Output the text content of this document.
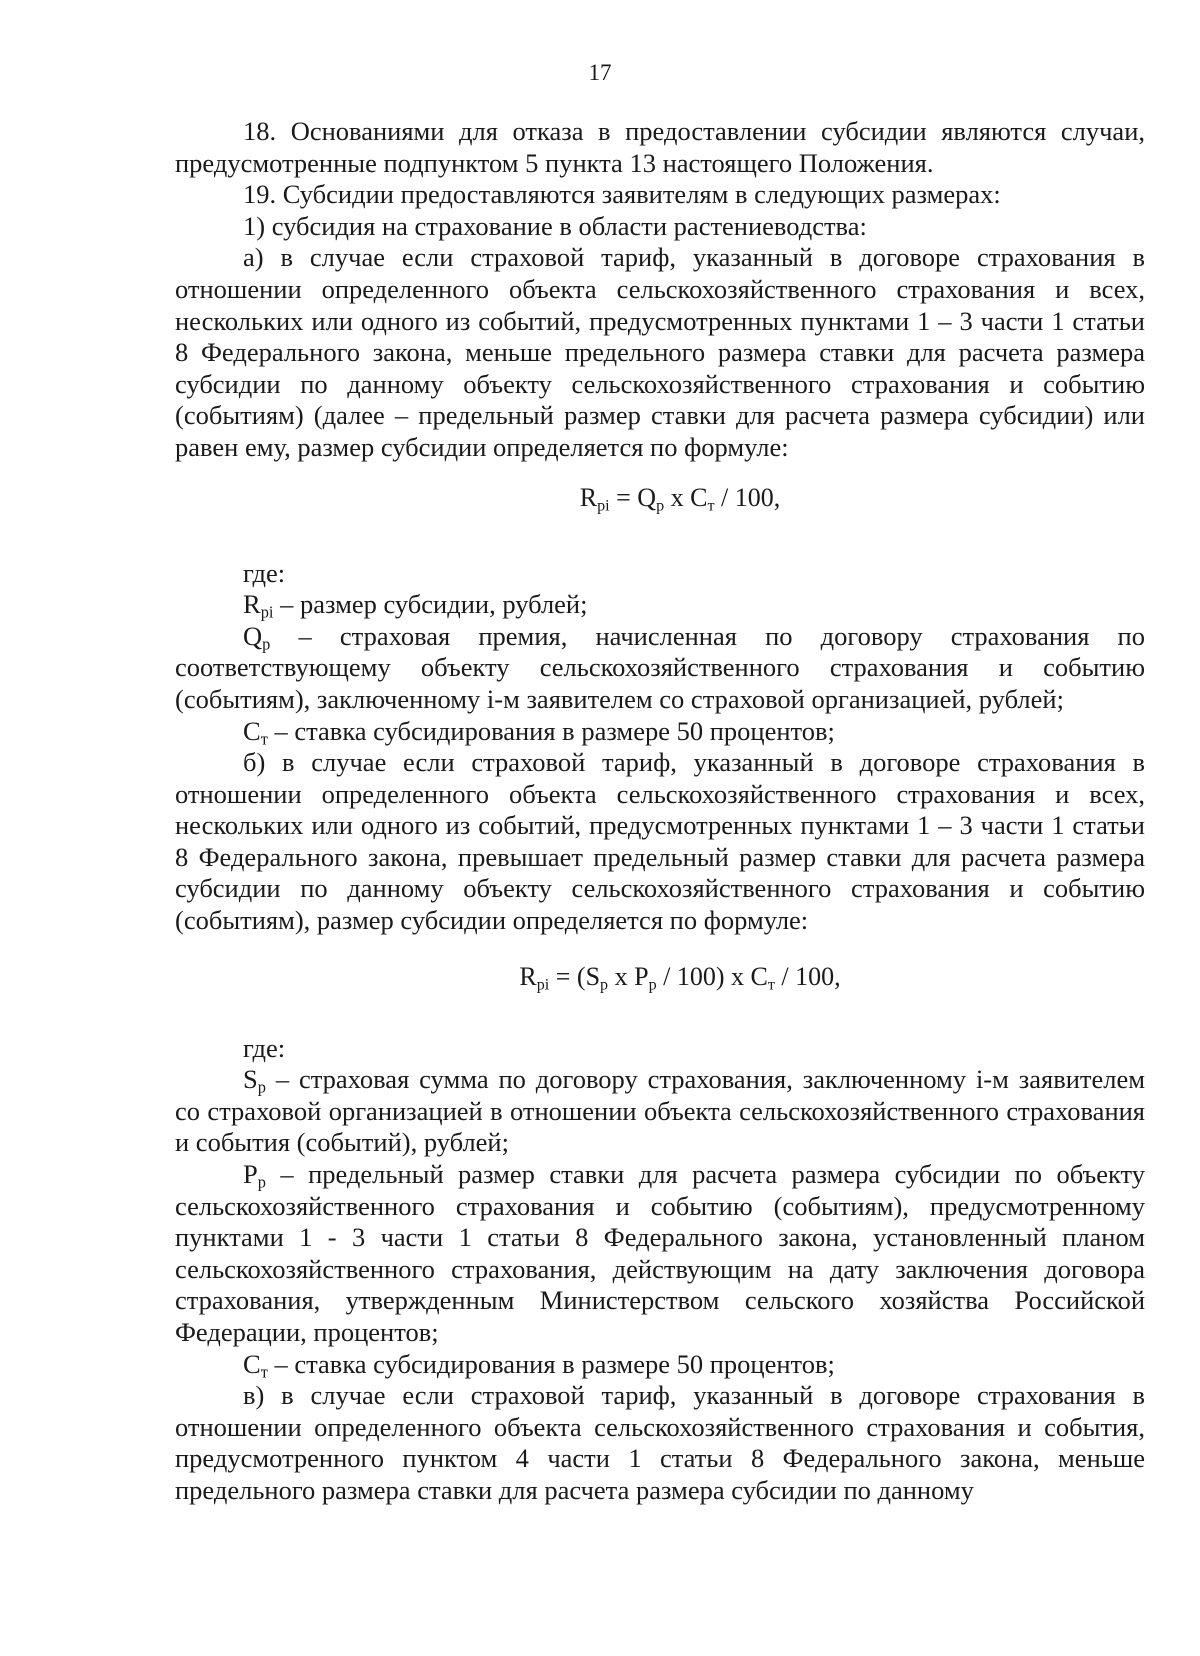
17

18. Основаниями для отказа в предоставлении субсидии являются случаи, предусмотренные подпунктом 5 пункта 13 настоящего Положения.

19. Субсидии предоставляются заявителям в следующих размерах:

1) субсидия на страхование в области растениеводства:

а) в случае если страховой тариф, указанный в договоре страхования в отношении определенного объекта сельскохозяйственного страхования и всех, нескольких или одного из событий, предусмотренных пунктами 1 – 3 части 1 статьи 8 Федерального закона, меньше предельного размера ставки для расчета размера субсидии по данному объекту сельскохозяйственного страхования и событию (событиям) (далее – предельный размер ставки для расчета размера субсидии) или равен ему, размер субсидии определяется по формуле:

$R_{pi} = Q_p$ x $С_т / 100$,

где:

$R_{pi}$ – размер субсидии, рублей;

$Q_p$ – страховая премия, начисленная по договору страхования по соответствующему объекту сельскохозяйственного страхования и событию (событиям), заключенному i-м заявителем со страховой организацией, рублей;

$С_т$ – ставка субсидирования в размере 50 процентов;

б) в случае если страховой тариф, указанный в договоре страхования в отношении определенного объекта сельскохозяйственного страхования и всех, нескольких или одного из событий, предусмотренных пунктами 1 – 3 части 1 статьи 8 Федерального закона, превышает предельный размер ставки для расчета размера субсидии по данному объекту сельскохозяйственного страхования и событию (событиям), размер субсидии определяется по формуле:

$R_{pi} = (S_p$ x $P_p / 100$) x $С_т / 100$,

где:

$S_p$ – страховая сумма по договору страхования, заключенному i-м заявителем со страховой организацией в отношении объекта сельскохозяйственного страхования и события (событий), рублей;

$P_p$ – предельный размер ставки для расчета размера субсидии по объекту сельскохозяйственного страхования и событию (событиям), предусмотренному пунктами 1 - 3 части 1 статьи 8 Федерального закона, установленный планом сельскохозяйственного страхования, действующим на дату заключения договора страхования, утвержденным Министерством сельского хозяйства Российской Федерации, процентов;

$С_т$ – ставка субсидирования в размере 50 процентов;

в) в случае если страховой тариф, указанный в договоре страхования в отношении определенного объекта сельскохозяйственного страхования и события, предусмотренного пунктом 4 части 1 статьи 8 Федерального закона, меньше предельного размера ставки для расчета размера субсидии по данному
